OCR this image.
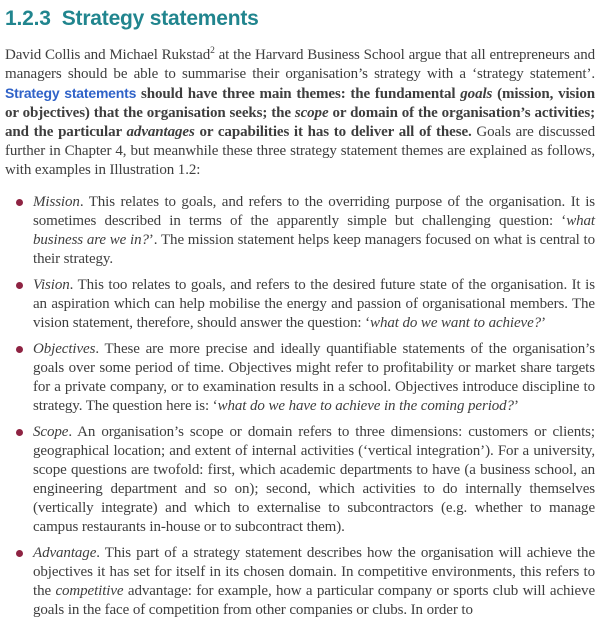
1.2.3 Strategy statements

David Collis and Michael Rukstad$^2$ at the Harvard Business School argue that all entrepreneurs and managers should be able to summarise their organisation’s strategy with a ‘strategy statement’. Strategy statements should have three main themes: the fundamental goals (mission, vision or objectives) that the organisation seeks; the scope or domain of the organisation’s activities; and the particular advantages or capabilities it has to deliver all of these. Goals are discussed further in Chapter 4, but meanwhile these three strategy statement themes are explained as follows, with examples in Illustration 1.2:

Mission. This relates to goals, and refers to the overriding purpose of the organisation. It is sometimes described in terms of the apparently simple but challenging question: ‘what business are we in?’. The mission statement helps keep managers focused on what is central to their strategy.
Vision. This too relates to goals, and refers to the desired future state of the organisation. It is an aspiration which can help mobilise the energy and passion of organisational members. The vision statement, therefore, should answer the question: ‘what do we want to achieve?’
Objectives. These are more precise and ideally quantifiable statements of the organisation’s goals over some period of time. Objectives might refer to profitability or market share targets for a private company, or to examination results in a school. Objectives introduce discipline to strategy. The question here is: ‘what do we have to achieve in the coming period?’
Scope. An organisation’s scope or domain refers to three dimensions: customers or clients; geographical location; and extent of internal activities (‘vertical integration’). For a university, scope questions are twofold: first, which academic departments to have (a business school, an engineering department and so on); second, which activities to do internally themselves (vertically integrate) and which to externalise to subcontractors (e.g. whether to manage campus restaurants in-house or to subcontract them).
Advantage. This part of a strategy statement describes how the organisation will achieve the objectives it has set for itself in its chosen domain. In competitive environments, this refers to the competitive advantage: for example, how a particular company or sports club will achieve goals in the face of competition from other companies or clubs. In order to
